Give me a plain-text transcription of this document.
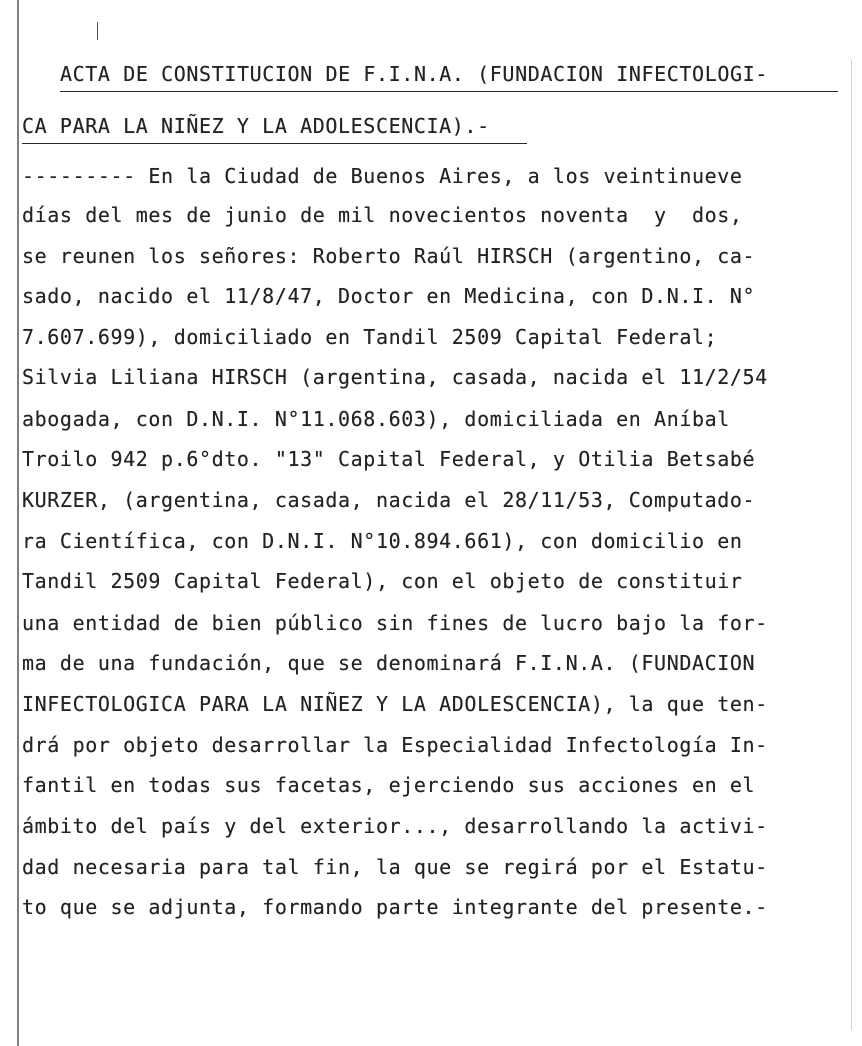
ACTA DE CONSTITUCION DE F.I.N.A. (FUNDACION INFECTOLOGI-
CA PARA LA NIÑEZ Y LA ADOLESCENCIA).-
--------- En la Ciudad de Buenos Aires, a los veintinueve
días del mes de junio de mil novecientos noventa  y  dos,
se reunen los señores: Roberto Raúl HIRSCH (argentino, ca-
sado, nacido el 11/8/47, Doctor en Medicina, con D.N.I. N°
7.607.699), domiciliado en Tandil 2509 Capital Federal;
Silvia Liliana HIRSCH (argentina, casada, nacida el 11/2/54
abogada, con D.N.I. N°11.068.603), domiciliada en Aníbal
Troilo 942 p.6°dto. "13" Capital Federal, y Otilia Betsabé
KURZER, (argentina, casada, nacida el 28/11/53, Computado-
ra Científica, con D.N.I. N°10.894.661), con domicilio en
Tandil 2509 Capital Federal), con el objeto de constituir
una entidad de bien público sin fines de lucro bajo la for-
ma de una fundación, que se denominará F.I.N.A. (FUNDACION
INFECTOLOGICA PARA LA NIÑEZ Y LA ADOLESCENCIA), la que ten-
drá por objeto desarrollar la Especialidad Infectología In-
fantil en todas sus facetas, ejerciendo sus acciones en el
ámbito del país y del exterior..., desarrollando la activi-
dad necesaria para tal fin, la que se regirá por el Estatu-
to que se adjunta, formando parte integrante del presente.-
